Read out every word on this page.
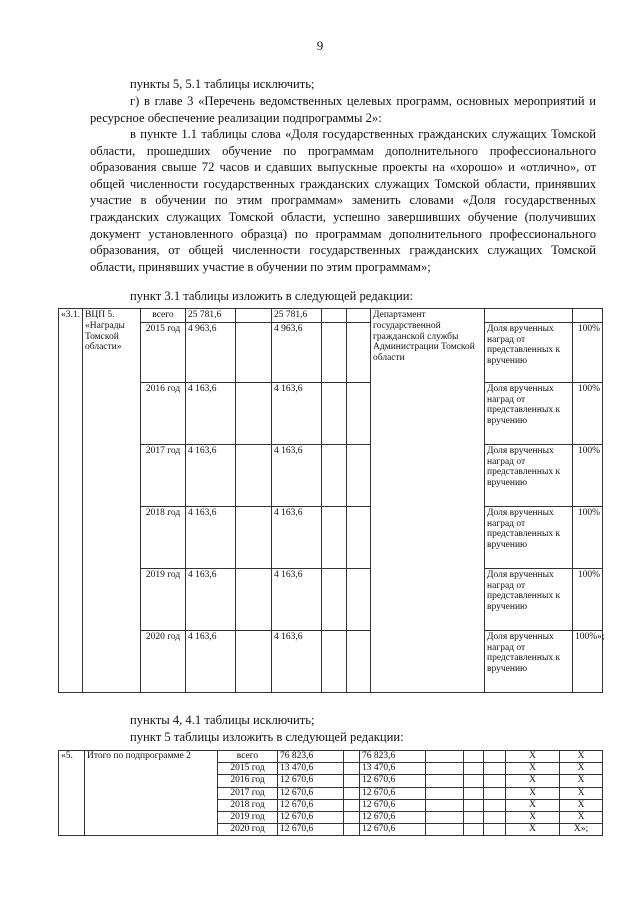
9
пункты 5, 5.1 таблицы исключить;
г) в главе 3 «Перечень ведомственных целевых программ, основных мероприятий и ресурсное обеспечение реализации подпрограммы 2»:
в пункте 1.1 таблицы слова «Доля государственных гражданских служащих Томской области, прошедших обучение по программам дополнительного профессионального образования свыше 72 часов и сдавших выпускные проекты на «хорошо» и «отлично», от общей численности государственных гражданских служащих Томской области, принявших участие в обучении по этим программам» заменить словами «Доля государственных гражданских служащих Томской области, успешно завершивших обучение (получивших документ установленного образца) по программам дополнительного профессионального образования, от общей численности государственных гражданских служащих Томской области, принявших участие в обучении по этим программам»;
пункт 3.1 таблицы изложить в следующей редакции:
«3.1.	ВЦП 5. «Награды Томской области»	всего	25 781,6		25 781,6			Департамент государственной гражданской службы Администрации Томской области		
		2015 год	4 963,6		4 963,6				Доля врученных наград от представленных к вручению	100%
		2016 год	4 163,6		4 163,6				Доля врученных наград от представленных к вручению	100%
		2017 год	4 163,6		4 163,6				Доля врученных наград от представленных к вручению	100%
		2018 год	4 163,6		4 163,6				Доля врученных наград от представленных к вручению	100%
		2019 год	4 163,6		4 163,6				Доля врученных наград от представленных к вручению	100%
		2020 год	4 163,6		4 163,6				Доля врученных наград от представленных к вручению	100%»;
пункты 4, 4.1 таблицы исключить;
пункт 5 таблицы изложить в следующей редакции:
«5.	Итого по подпрограмме 2	всего	76 823,6		76 823,6				X	X
		2015 год	13 470,6		13 470,6				X	X
		2016 год	12 670,6		12 670,6				X	X
		2017 год	12 670,6		12 670,6				X	X
		2018 год	12 670,6		12 670,6				X	X
		2019 год	12 670,6		12 670,6				X	X
		2020 год	12 670,6		12 670,6				X	X»;
